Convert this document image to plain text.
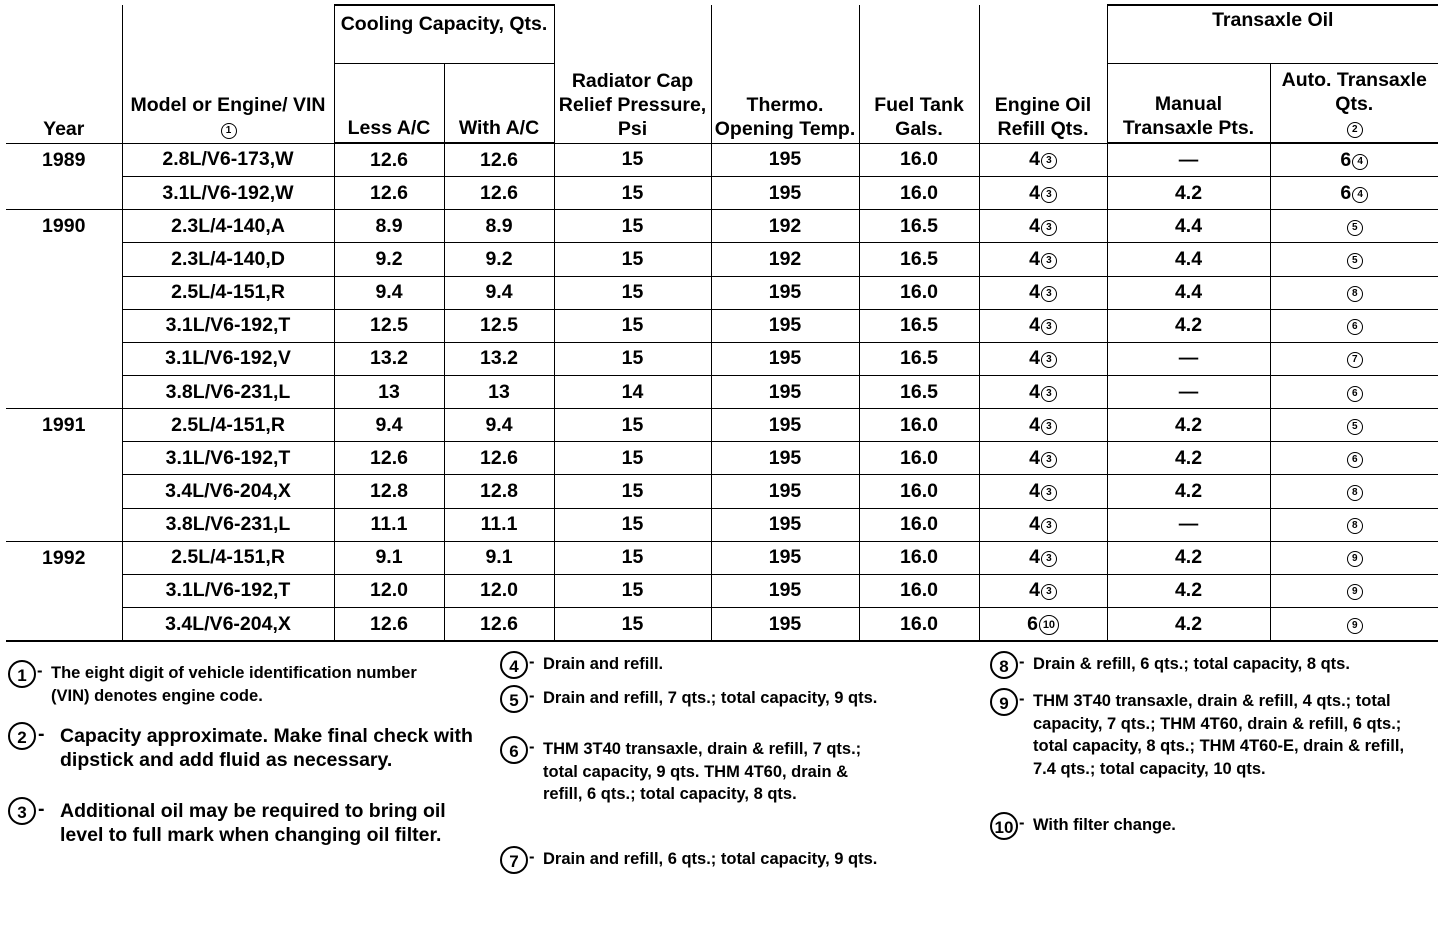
Year	Model or Engine/ VIN 1	Cooling Capacity, Qts.		Radiator Cap Relief Pressure, Psi	Thermo. Opening Temp.	Fuel Tank Gals.	Engine Oil Refill Qts.	Transaxle Oil	
		Less A/C	With A/C					Manual Transaxle Pts.	Auto. Transaxle Qts.
2
1989	2.8L/V6-173,W	12.6	12.6	15	195	16.0	4 3	—	6 4
	3.1L/V6-192,W	12.6	12.6	15	195	16.0	4 3	4.2	6 4
1990	2.3L/4-140,A	8.9	8.9	15	192	16.5	4 3	4.4	5
	2.3L/4-140,D	9.2	9.2	15	192	16.5	4 3	4.4	5
	2.5L/4-151,R	9.4	9.4	15	195	16.0	4 3	4.4	8
	3.1L/V6-192,T	12.5	12.5	15	195	16.5	4 3	4.2	6
	3.1L/V6-192,V	13.2	13.2	15	195	16.5	4 3	—	7
	3.8L/V6-231,L	13	13	14	195	16.5	4 3	—	6
1991	2.5L/4-151,R	9.4	9.4	15	195	16.0	4 3	4.2	5
	3.1L/V6-192,T	12.6	12.6	15	195	16.0	4 3	4.2	6
	3.4L/V6-204,X	12.8	12.8	15	195	16.0	4 3	4.2	8
	3.8L/V6-231,L	11.1	11.1	15	195	16.0	4 3	—	8
1992	2.5L/4-151,R	9.1	9.1	15	195	16.0	4 3	4.2	9
	3.1L/V6-192,T	12.0	12.0	15	195	16.0	4 3	4.2	9
	3.4L/V6-204,X	12.6	12.6	15	195	16.0	6 10	4.2	9
1 - The eight digit of vehicle identification number (VIN) denotes engine code.
2 - Capacity approximate. Make final check with dipstick and add fluid as necessary.
3 - Additional oil may be required to bring oil level to full mark when changing oil filter.
4 - Drain and refill.
5 - Drain and refill, 7 qts.; total capacity, 9 qts.
6 - THM 3T40 transaxle, drain & refill, 7 qts.; total capacity, 9 qts. THM 4T60, drain & refill, 6 qts.; total capacity, 8 qts.
7 - Drain and refill, 6 qts.; total capacity, 9 qts.
8 - Drain & refill, 6 qts.; total capacity, 8 qts.
9 - THM 3T40 transaxle, drain & refill, 4 qts.; total capacity, 7 qts.; THM 4T60, drain & refill, 6 qts.; total capacity, 8 qts.; THM 4T60-E, drain & refill, 7.4 qts.; total capacity, 10 qts.
10 - With filter change.
